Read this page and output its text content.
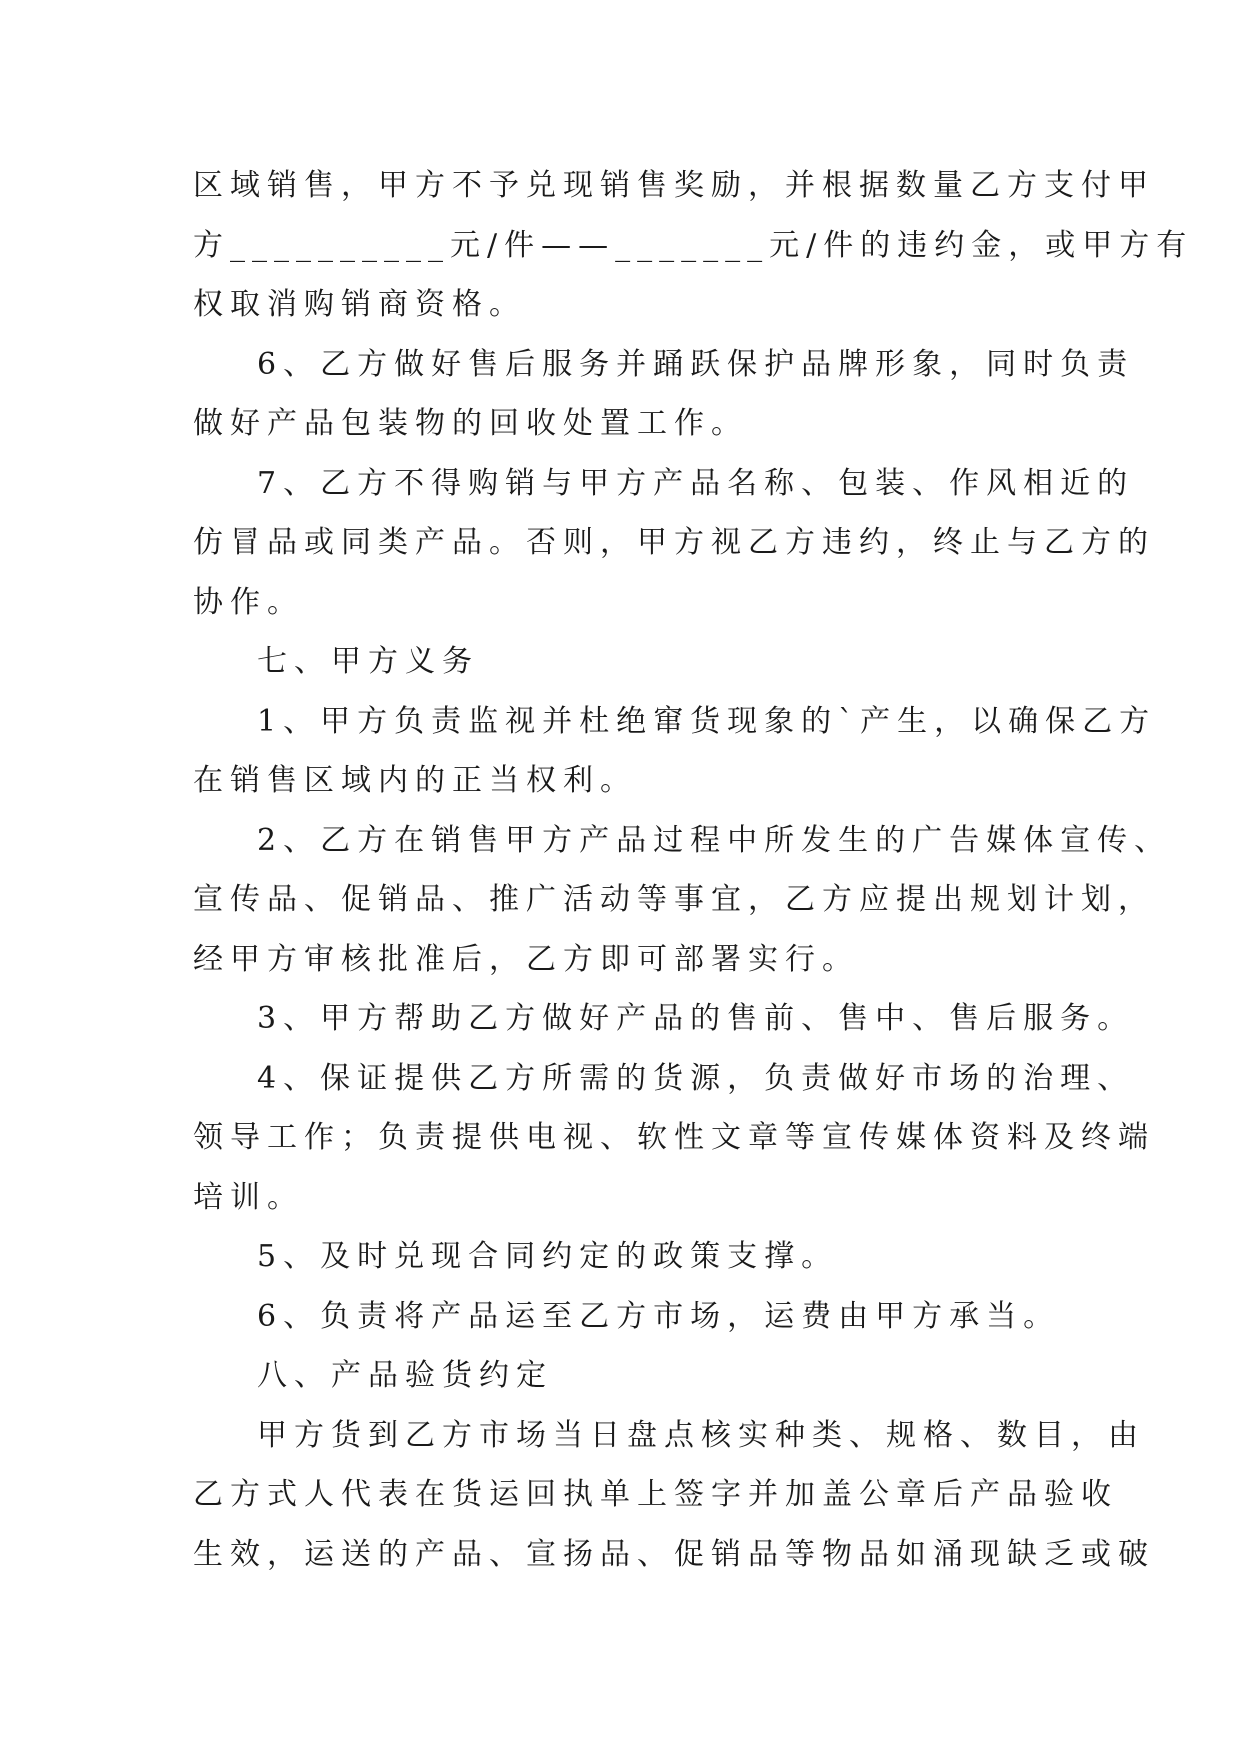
区域销售，甲方不予兑现销售奖励，并根据数量乙方支付甲
方__________元/件——_______元/件的违约金，或甲方有
权取消购销商资格。
6、乙方做好售后服务并踊跃保护品牌形象，同时负责
做好产品包装物的回收处置工作。
7、乙方不得购销与甲方产品名称、包装、作风相近的
仿冒品或同类产品。否则，甲方视乙方违约，终止与乙方的
协作。
七、甲方义务
1、甲方负责监视并杜绝窜货现象的`产生，以确保乙方
在销售区域内的正当权利。
2、乙方在销售甲方产品过程中所发生的广告媒体宣传、
宣传品、促销品、推广活动等事宜，乙方应提出规划计划，
经甲方审核批准后，乙方即可部署实行。
3、甲方帮助乙方做好产品的售前、售中、售后服务。
4、保证提供乙方所需的货源，负责做好市场的治理、
领导工作；负责提供电视、软性文章等宣传媒体资料及终端
培训。
5、及时兑现合同约定的政策支撑。
6、负责将产品运至乙方市场，运费由甲方承当。
八、产品验货约定
甲方货到乙方市场当日盘点核实种类、规格、数目，由
乙方式人代表在货运回执单上签字并加盖公章后产品验收
生效，运送的产品、宣扬品、促销品等物品如涌现缺乏或破
